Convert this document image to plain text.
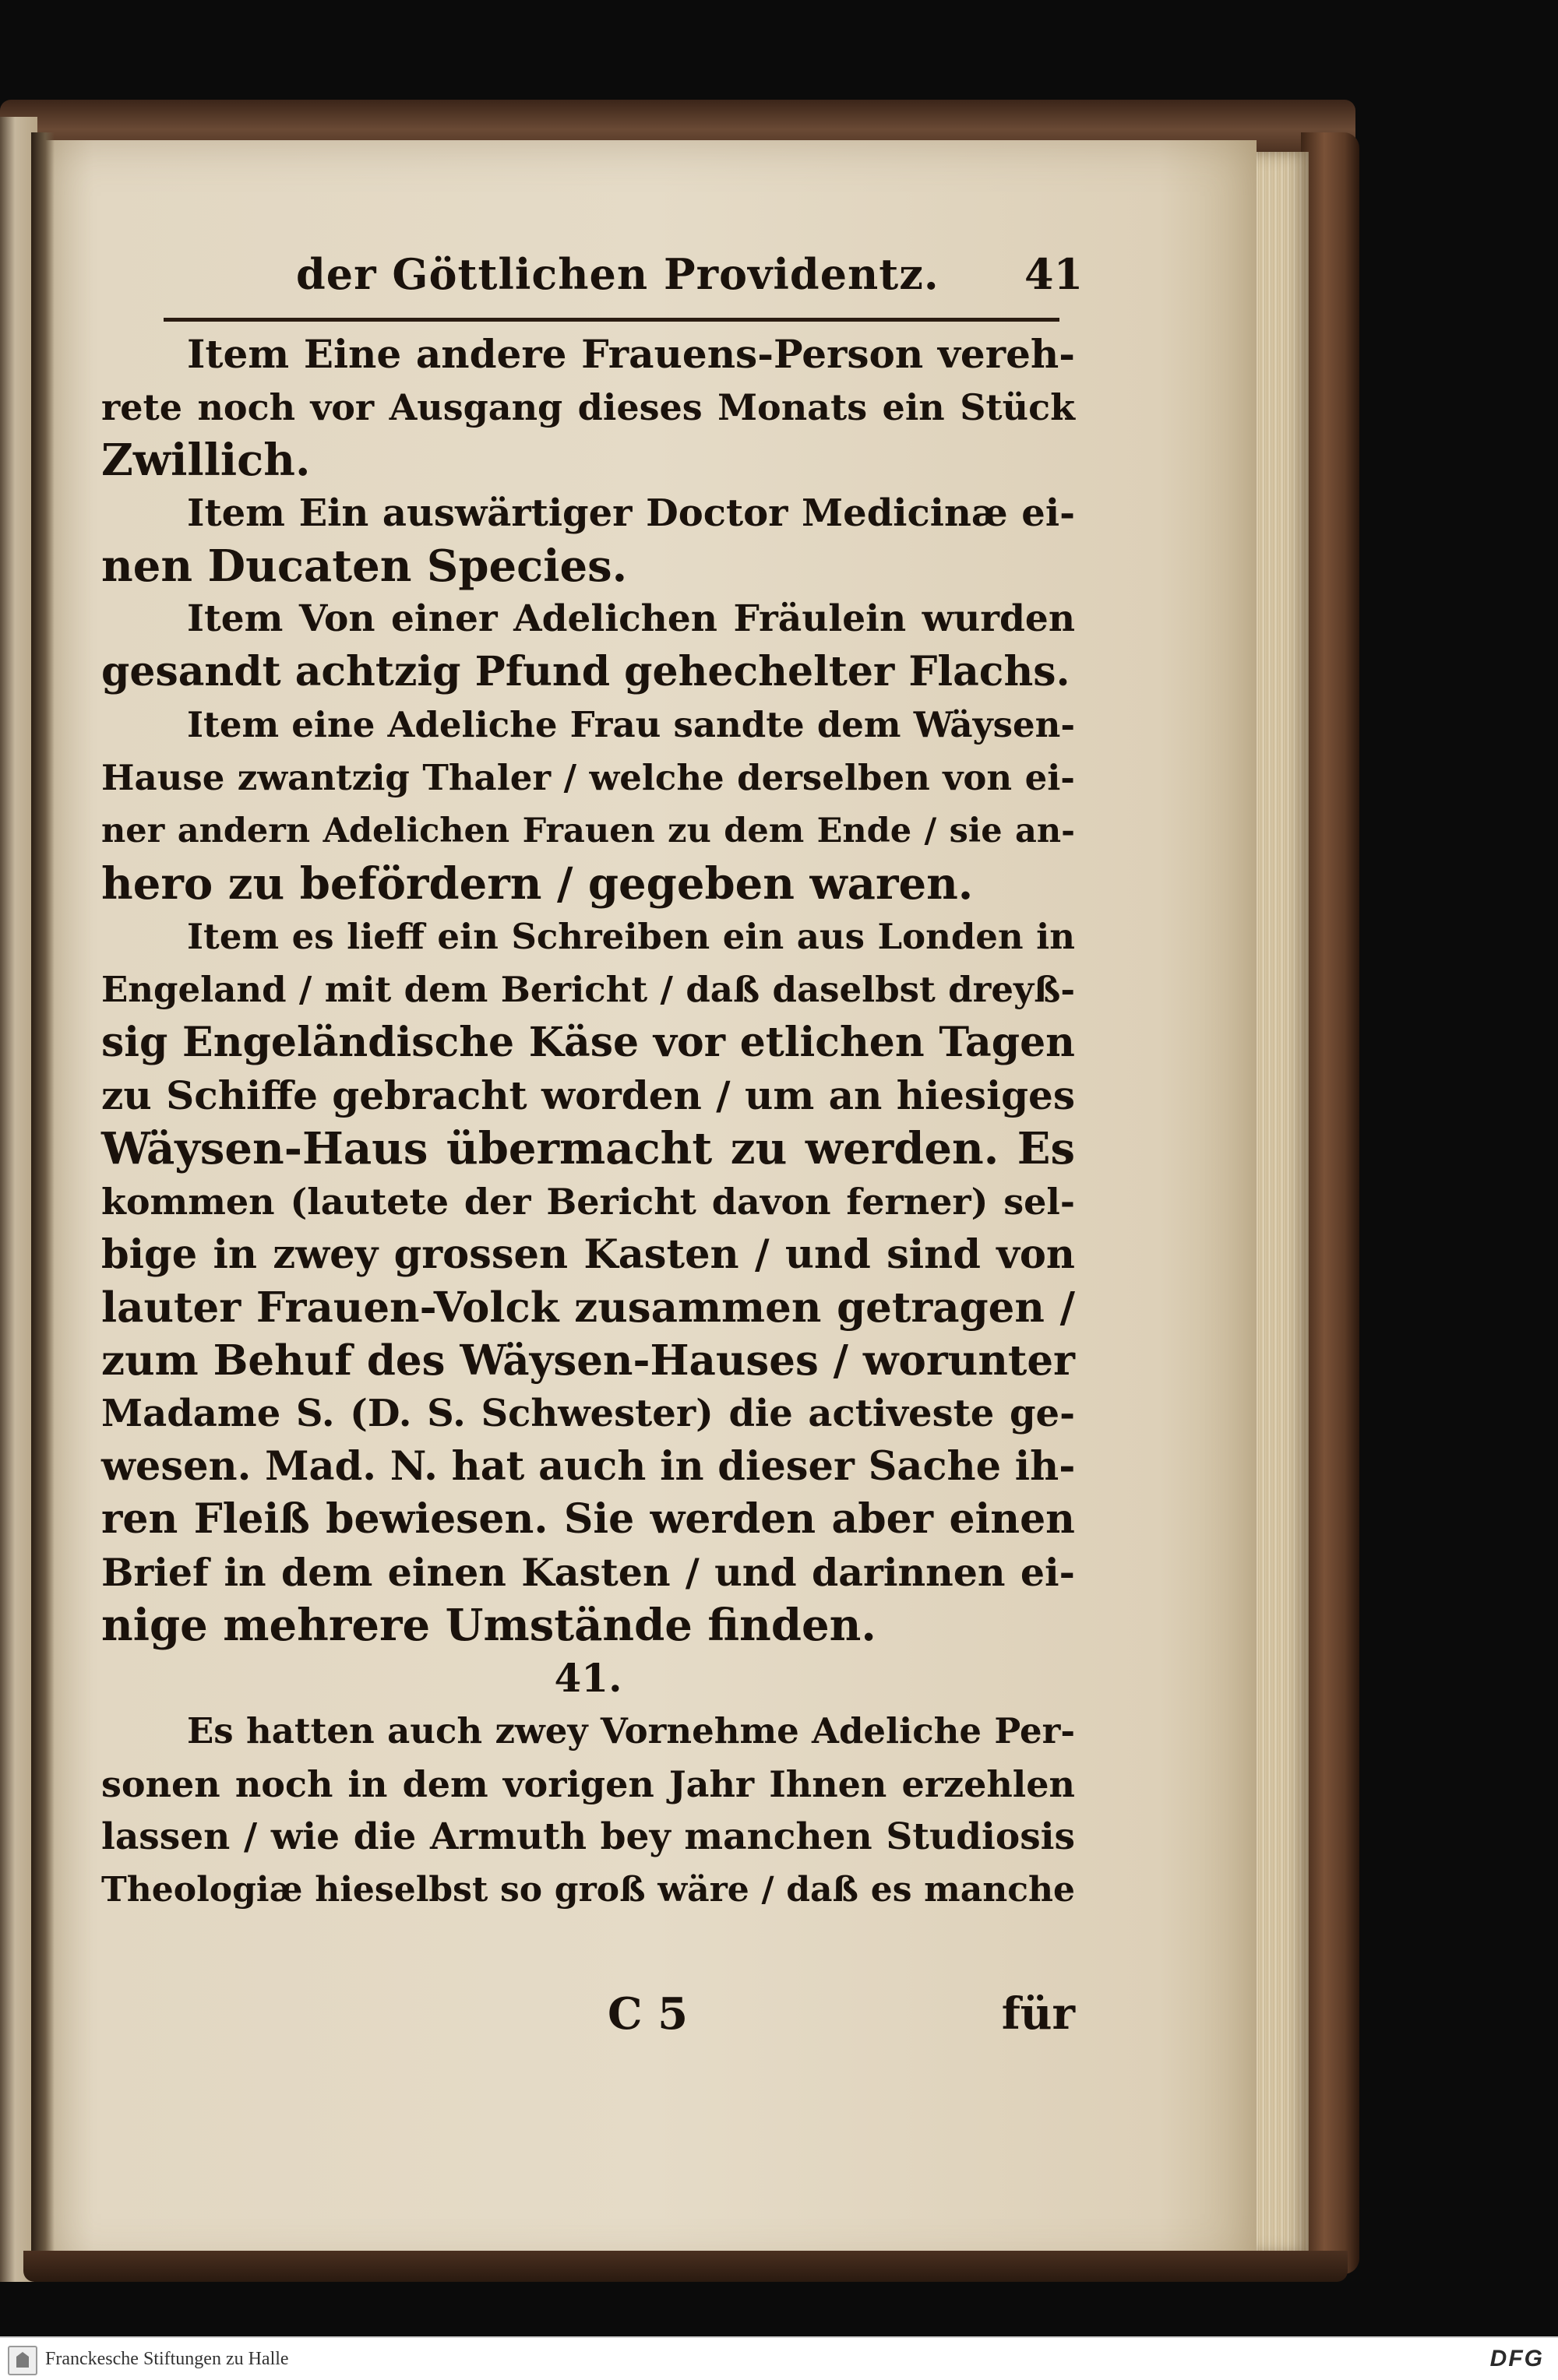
der Göttlichen Providentz. 41
Item Eine andere Frauens-Person vereh-
rete noch vor Ausgang dieses Monats ein Stück
Zwillich.
Item Ein auswärtiger Doctor Medicinæ ei-
nen Ducaten Species.
Item Von einer Adelichen Fräulein wurden
gesandt achtzig Pfund gehechelter Flachs.
Item eine Adeliche Frau sandte dem Wäysen-
Hause zwantzig Thaler / welche derselben von ei-
ner andern Adelichen Frauen zu dem Ende / sie an-
hero zu befördern / gegeben waren.
Item es lieff ein Schreiben ein aus Londen in
Engeland / mit dem Bericht / daß daselbst dreyß-
sig Engeländische Käse vor etlichen Tagen
zu Schiffe gebracht worden / um an hiesiges
Wäysen-Haus übermacht zu werden. Es
kommen (lautete der Bericht davon ferner) sel-
bige in zwey grossen Kasten / und sind von
lauter Frauen-Volck zusammen getragen /
zum Behuf des Wäysen-Hauses / worunter
Madame S. (D. S. Schwester) die activeste ge-
wesen. Mad. N. hat auch in dieser Sache ih-
ren Fleiß bewiesen. Sie werden aber einen
Brief in dem einen Kasten / und darinnen ei-
nige mehrere Umstände finden.
41.
Es hatten auch zwey Vornehme Adeliche Per-
sonen noch in dem vorigen Jahr Ihnen erzehlen
lassen / wie die Armuth bey manchen Studiosis
Theologiæ hieselbst so groß wäre / daß es manche
C 5	für
Franckesche Stiftungen zu Halle	DFG
